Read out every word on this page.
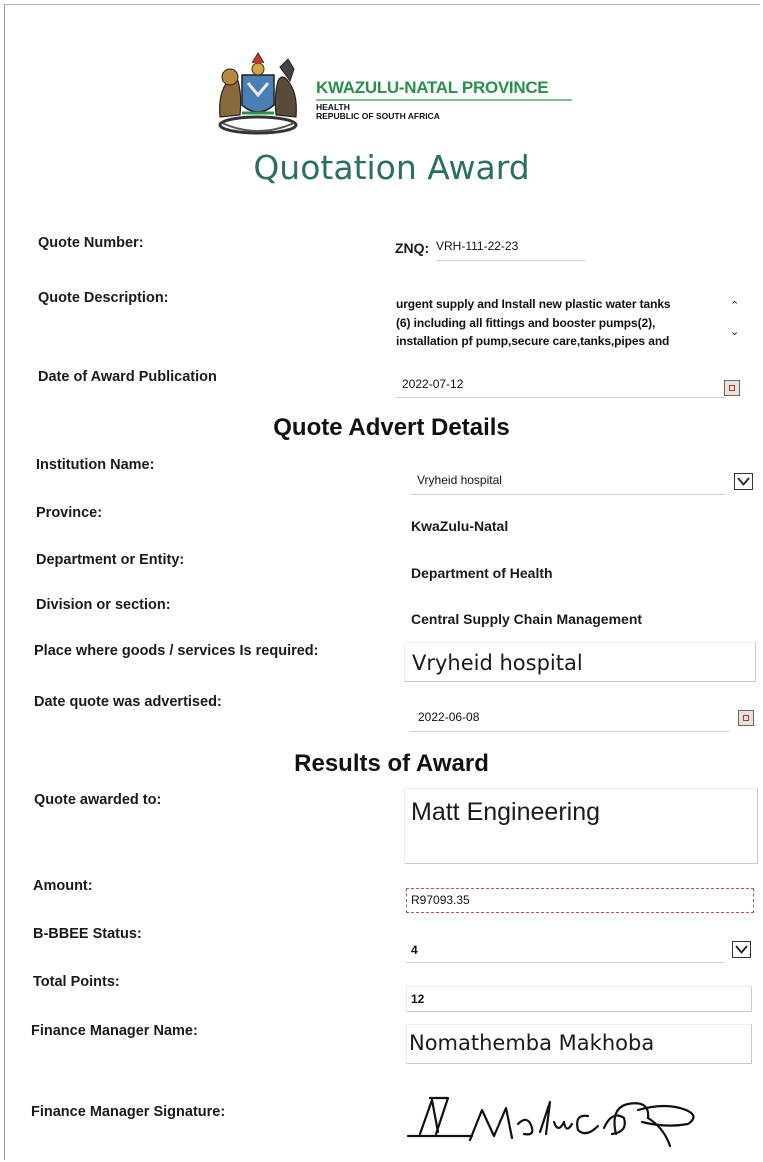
KWAZULU-NATAL PROVINCE
HEALTH
REPUBLIC OF SOUTH AFRICA
Quotation Award
Quote Number:	ZNQ: VRH-111-22-23
Quote Description:	urgent supply and Install new plastic water tanks
(6) including all fittings and booster pumps(2),
installation pf pump,secure care,tanks,pipes and
⌃
⌄
Date of Award Publication	2022-07-12
Quote Advert Details
Institution Name:
Vryheid hospital
Province:
KwaZulu-Natal
Department or Entity:
Department of Health
Division or section:
Central Supply Chain Management
Place where goods / services Is required:	Vryheid hospital
Date quote was advertised:
2022-06-08
Results of Award
Quote awarded to:	Matt Engineering
Amount:
R97093.35
B-BBEE Status:
4
Total Points:
12
Finance Manager Name:	Nomathemba Makhoba
Finance Manager Signature:
